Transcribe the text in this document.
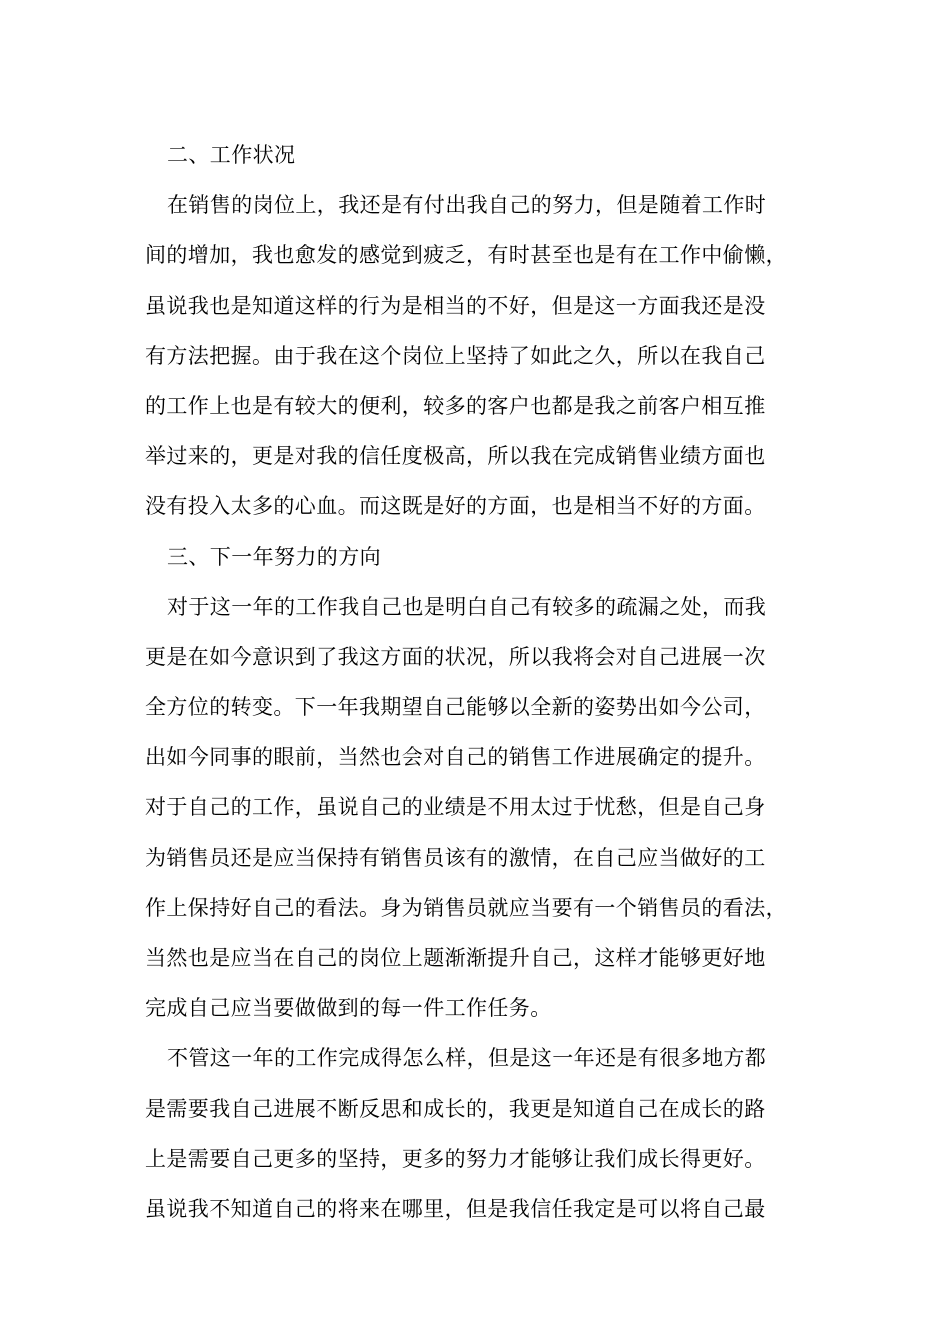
二、工作状况
在销售的岗位上，我还是有付出我自己的努力，但是随着工作时
间的增加，我也愈发的感觉到疲乏，有时甚至也是有在工作中偷懒，
虽说我也是知道这样的行为是相当的不好，但是这一方面我还是没
有方法把握。由于我在这个岗位上坚持了如此之久，所以在我自己
的工作上也是有较大的便利，较多的客户也都是我之前客户相互推
举过来的，更是对我的信任度极高，所以我在完成销售业绩方面也
没有投入太多的心血。而这既是好的方面，也是相当不好的方面。
三、下一年努力的方向
对于这一年的工作我自己也是明白自己有较多的疏漏之处，而我
更是在如今意识到了我这方面的状况，所以我将会对自己进展一次
全方位的转变。下一年我期望自己能够以全新的姿势出如今公司，
出如今同事的眼前，当然也会对自己的销售工作进展确定的提升。
对于自己的工作，虽说自己的业绩是不用太过于忧愁，但是自己身
为销售员还是应当保持有销售员该有的激情，在自己应当做好的工
作上保持好自己的看法。身为销售员就应当要有一个销售员的看法，
当然也是应当在自己的岗位上题渐渐提升自己，这样才能够更好地
完成自己应当要做做到的每一件工作任务。
不管这一年的工作完成得怎么样，但是这一年还是有很多地方都
是需要我自己进展不断反思和成长的，我更是知道自己在成长的路
上是需要自己更多的坚持，更多的努力才能够让我们成长得更好。
虽说我不知道自己的将来在哪里，但是我信任我定是可以将自己最
